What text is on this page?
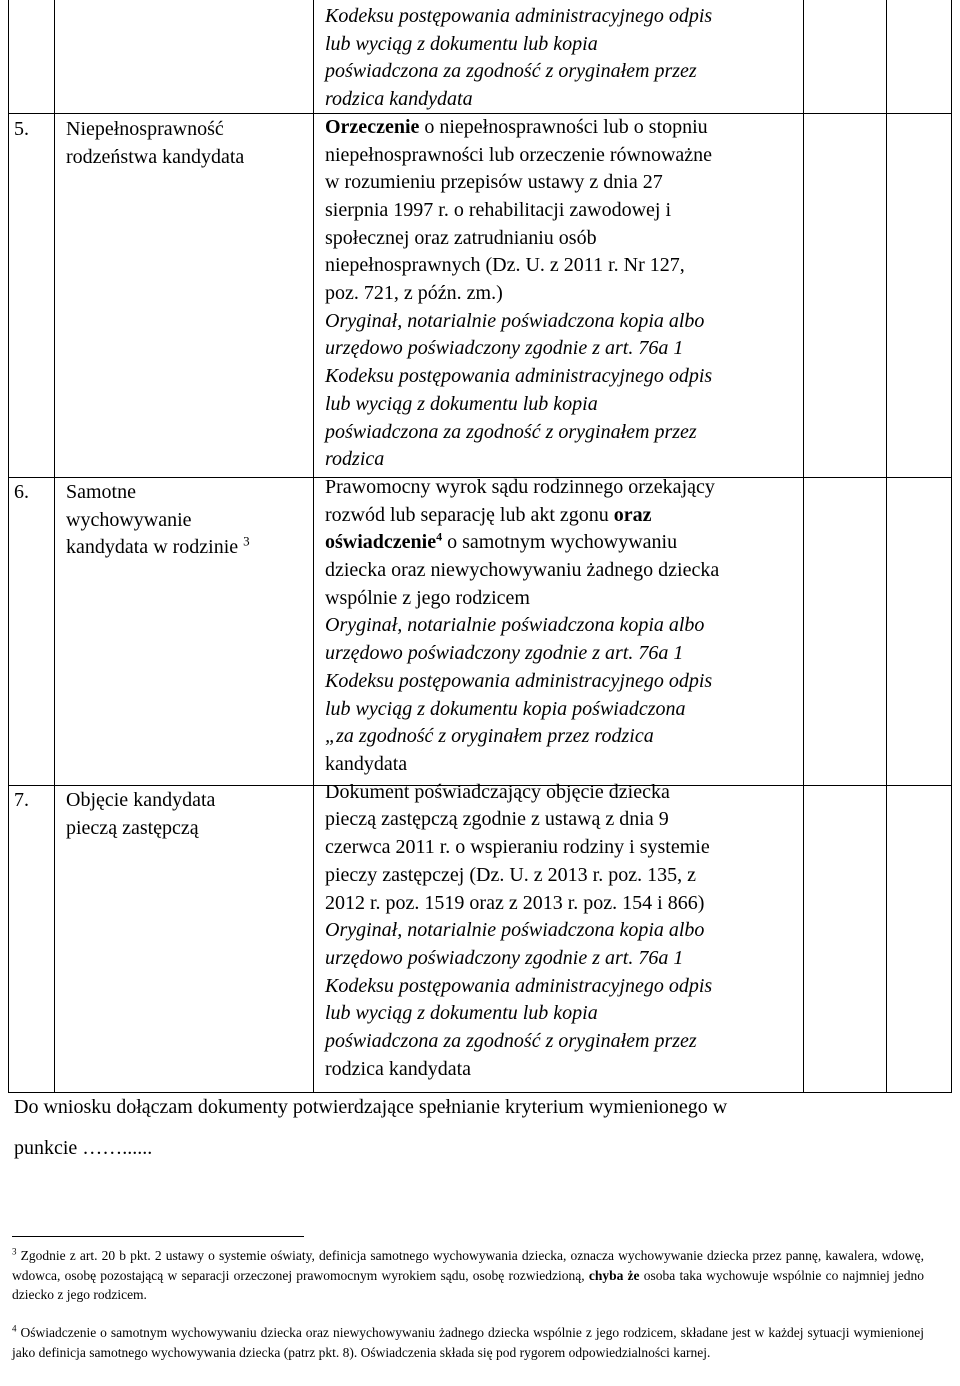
5. Niepełnosprawność
rodzeństwa kandydata
6. Samotne
wychowywanie
kandydata w rodzinie $^3$
7. Objęcie kandydata
pieczą zastępczą

Kodeksu postępowania administracyjnego odpis

lub wyciąg z dokumentu lub kopia

poświadczona za zgodność z oryginałem przez

rodzica kandydata

Orzeczenie o niepełnosprawności lub o stopniu

niepełnosprawności lub orzeczenie równoważne

w rozumieniu przepisów ustawy z dnia 27

sierpnia 1997 r. o rehabilitacji zawodowej i

społecznej oraz zatrudnianiu osób

niepełnosprawnych (Dz. U. z 2011 r. Nr 127,

poz. 721, z późn. zm.)

Oryginał, notarialnie poświadczona kopia albo

urzędowo poświadczony zgodnie z art. 76a 1

Kodeksu postępowania administracyjnego odpis

lub wyciąg z dokumentu lub kopia

poświadczona za zgodność z oryginałem przez

rodzica

Prawomocny wyrok sądu rodzinnego orzekający

rozwód lub separację lub akt zgonu oraz

oświadczenie$^4$ o samotnym wychowywaniu

dziecka oraz niewychowywaniu żadnego dziecka

wspólnie z jego rodzicem

Oryginał, notarialnie poświadczona kopia albo

urzędowo poświadczony zgodnie z art. 76a 1

Kodeksu postępowania administracyjnego odpis

lub wyciąg z dokumentu kopia poświadczona

„za zgodność z oryginałem przez rodzica

kandydata

Dokument poświadczający objęcie dziecka

pieczą zastępczą zgodnie z ustawą z dnia 9

czerwca 2011 r. o wspieraniu rodziny i systemie

pieczy zastępczej (Dz. U. z 2013 r. poz. 135, z

2012 r. poz. 1519 oraz z 2013 r. poz. 154 i 866)

Oryginał, notarialnie poświadczona kopia albo

urzędowo poświadczony zgodnie z art. 76a 1

Kodeksu postępowania administracyjnego odpis

lub wyciąg z dokumentu lub kopia

poświadczona za zgodność z oryginałem przez

rodzica kandydata

Do wniosku dołączam dokumenty potwierdzające spełnianie kryterium wymienionego w
punkcie ……......
$^3$ Zgodnie z art. 20 b pkt. 2 ustawy o systemie oświaty, definicja samotnego wychowywania dziecka, oznacza wychowywanie dziecka przez pannę, kawalera, wdowę, wdowca, osobę pozostającą w separacji orzeczonej prawomocnym wyrokiem sądu, osobę rozwiedzioną, chyba że osoba taka wychowuje wspólnie co najmniej jedno dziecko z jego rodzicem.
$^4$ Oświadczenie o samotnym wychowywaniu dziecka oraz niewychowywaniu żadnego dziecka wspólnie z jego rodzicem, składane jest w każdej sytuacji wymienionej jako definicja samotnego wychowywania dziecka (patrz pkt. 8). Oświadczenia składa się pod rygorem odpowiedzialności karnej.
